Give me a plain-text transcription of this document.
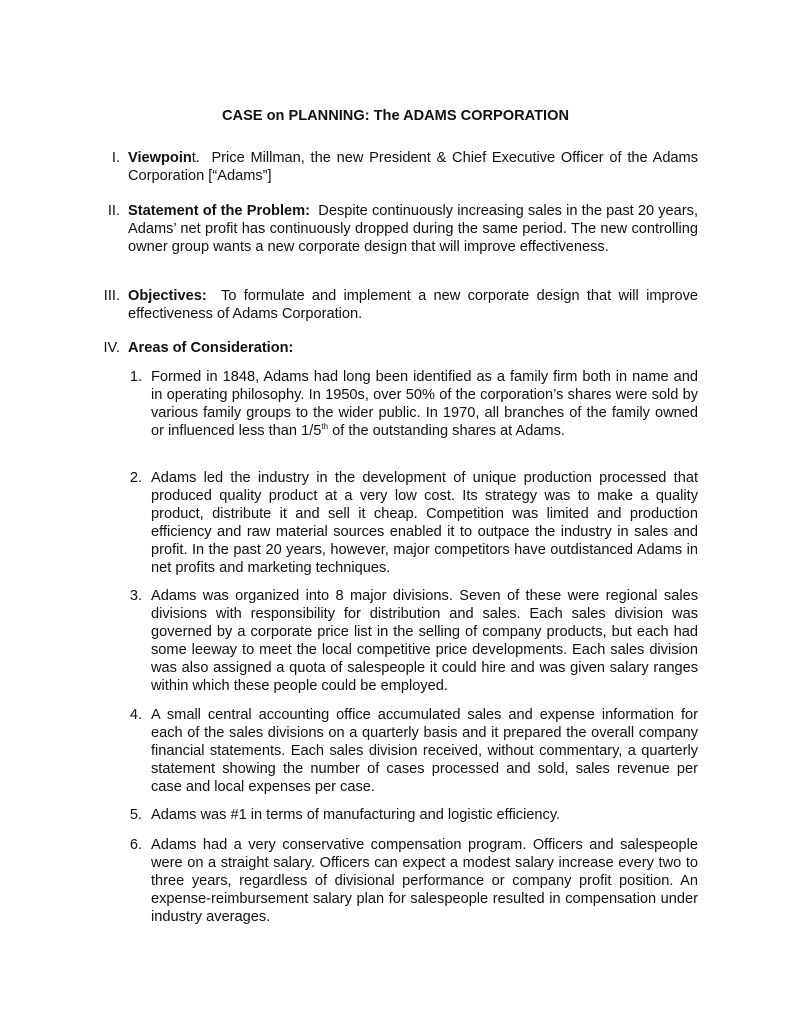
CASE on PLANNING: The ADAMS CORPORATION

I. Viewpoint. Price Millman, the new President & Chief Executive Officer of the Adams Corporation [“Adams”]

II. Statement of the Problem: Despite continuously increasing sales in the past 20 years, Adams’ net profit has continuously dropped during the same period. The new controlling owner group wants a new corporate design that will improve effectiveness.

III. Objectives: To formulate and implement a new corporate design that will improve effectiveness of Adams Corporation.

IV. Areas of Consideration:

1. Formed in 1848, Adams had long been identified as a family firm both in name and in operating philosophy. In 1950s, over 50% of the corporation’s shares were sold by various family groups to the wider public. In 1970, all branches of the family owned or influenced less than 1/5th of the outstanding shares at Adams.

2. Adams led the industry in the development of unique production processed that produced quality product at a very low cost. Its strategy was to make a quality product, distribute it and sell it cheap. Competition was limited and production efficiency and raw material sources enabled it to outpace the industry in sales and profit. In the past 20 years, however, major competitors have outdistanced Adams in net profits and marketing techniques.

3. Adams was organized into 8 major divisions. Seven of these were regional sales divisions with responsibility for distribution and sales. Each sales division was governed by a corporate price list in the selling of company products, but each had some leeway to meet the local competitive price developments. Each sales division was also assigned a quota of salespeople it could hire and was given salary ranges within which these people could be employed.

4. A small central accounting office accumulated sales and expense information for each of the sales divisions on a quarterly basis and it prepared the overall company financial statements. Each sales division received, without commentary, a quarterly statement showing the number of cases processed and sold, sales revenue per case and local expenses per case.

5. Adams was #1 in terms of manufacturing and logistic efficiency.

6. Adams had a very conservative compensation program. Officers and salespeople were on a straight salary. Officers can expect a modest salary increase every two to three years, regardless of divisional performance or company profit position. An expense-reimbursement salary plan for salespeople resulted in compensation under industry averages.
